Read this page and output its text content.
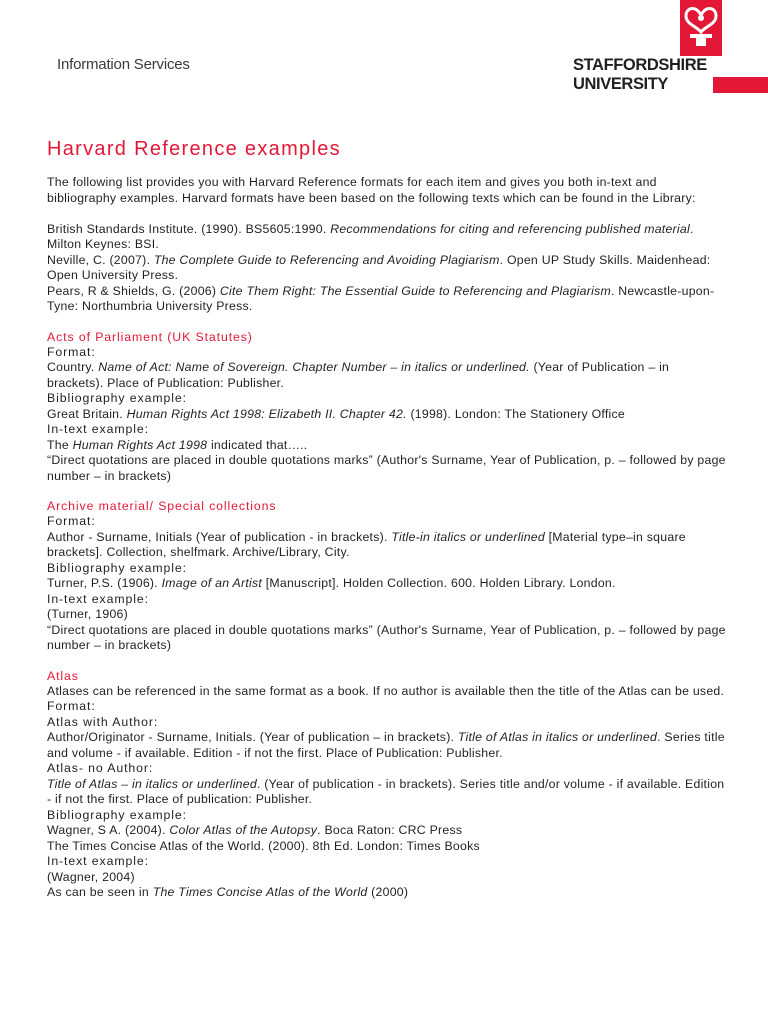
Information Services	STAFFORDSHIRE
UNIVERSITY
Harvard Reference examples

The following list provides you with Harvard Reference formats for each item and gives you both in-text and bibliography examples. Harvard formats have been based on the following texts which can be found in the Library:

British Standards Institute. (1990). BS5605:1990. Recommendations for citing and referencing published material. Milton Keynes: BSI.

Neville, C. (2007). The Complete Guide to Referencing and Avoiding Plagiarism. Open UP Study Skills. Maidenhead: Open University Press.

Pears, R & Shields, G. (2006) Cite Them Right: The Essential Guide to Referencing and Plagiarism. Newcastle-upon-Tyne: Northumbria University Press.

Acts of Parliament (UK Statutes)

Format:

Country. Name of Act: Name of Sovereign. Chapter Number – in italics or underlined. (Year of Publication – in brackets). Place of Publication: Publisher.

Bibliography example:

Great Britain. Human Rights Act 1998: Elizabeth II. Chapter 42. (1998). London: The Stationery Office

In-text example:

The Human Rights Act 1998 indicated that…..

“Direct quotations are placed in double quotations marks” (Author's Surname, Year of Publication, p. – followed by page number – in brackets)

Archive material/ Special collections

Format:

Author - Surname, Initials (Year of publication - in brackets). Title-in italics or underlined [Material type–in square brackets]. Collection, shelfmark. Archive/Library, City.

Bibliography example:

Turner, P.S. (1906). Image of an Artist [Manuscript]. Holden Collection. 600. Holden Library. London.

In-text example:

(Turner, 1906)

“Direct quotations are placed in double quotations marks” (Author's Surname, Year of Publication, p. – followed by page number – in brackets)

Atlas

Atlases can be referenced in the same format as a book. If no author is available then the title of the Atlas can be used.

Format:

Atlas with Author:

Author/Originator - Surname, Initials. (Year of publication – in brackets). Title of Atlas in italics or underlined. Series title and volume - if available. Edition - if not the first. Place of Publication: Publisher.

Atlas- no Author:

Title of Atlas – in italics or underlined. (Year of publication - in brackets). Series title and/or volume - if available. Edition - if not the first. Place of publication: Publisher.

Bibliography example:

Wagner, S A. (2004). Color Atlas of the Autopsy. Boca Raton: CRC Press

The Times Concise Atlas of the World. (2000). 8th Ed. London: Times Books

In-text example:

(Wagner, 2004)

As can be seen in The Times Concise Atlas of the World (2000)
